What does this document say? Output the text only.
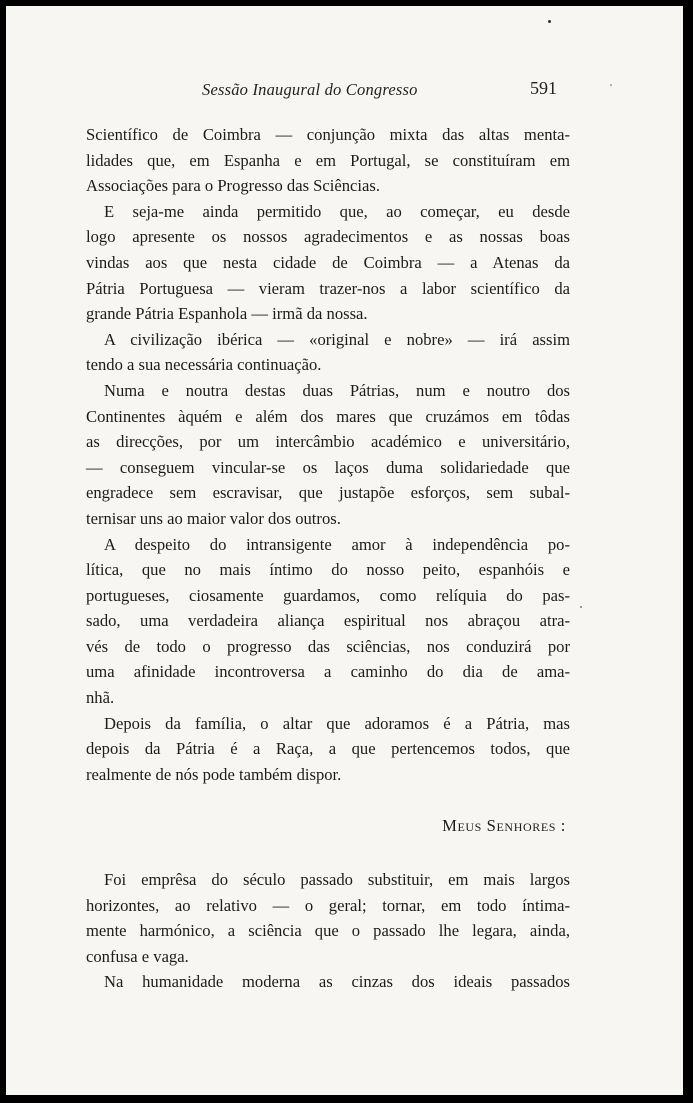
Sessão Inaugural do Congresso	591
Scientífico de Coimbra — conjunção mixta das altas menta-
lidades que, em Espanha e em Portugal, se constituíram em
Associações para o Progresso das Sciências.
E seja-me ainda permitido que, ao começar, eu desde
logo apresente os nossos agradecimentos e as nossas boas
vindas aos que nesta cidade de Coimbra — a Atenas da
Pátria Portuguesa — vieram trazer-nos a labor scientífico da
grande Pátria Espanhola — irmã da nossa.
A civilização ibérica — «original e nobre» — irá assim
tendo a sua necessária continuação.
Numa e noutra destas duas Pátrias, num e noutro dos
Continentes àquém e além dos mares que cruzámos em tôdas
as direcções, por um intercâmbio académico e universitário,
— conseguem vincular-se os laços duma solidariedade que
engradece sem escravisar, que justapõe esforços, sem subal-
ternisar uns ao maior valor dos outros.
A despeito do intransigente amor à independência po-
lítica, que no mais íntimo do nosso peito, espanhóis e
portugueses, ciosamente guardamos, como relíquia do pas-
sado, uma verdadeira aliança espiritual nos abraçou atra-
vés de todo o progresso das sciências, nos conduzirá por
uma afinidade incontroversa a caminho do dia de ama-
nhã.
Depois da família, o altar que adoramos é a Pátria, mas
depois da Pátria é a Raça, a que pertencemos todos, que
realmente de nós pode também dispor.
Meus Senhores :
Foi emprêsa do século passado substituir, em mais largos
horizontes, ao relativo — o geral; tornar, em todo íntima-
mente harmónico, a sciência que o passado lhe legara, ainda,
confusa e vaga.
Na humanidade moderna as cinzas dos ideais passados
